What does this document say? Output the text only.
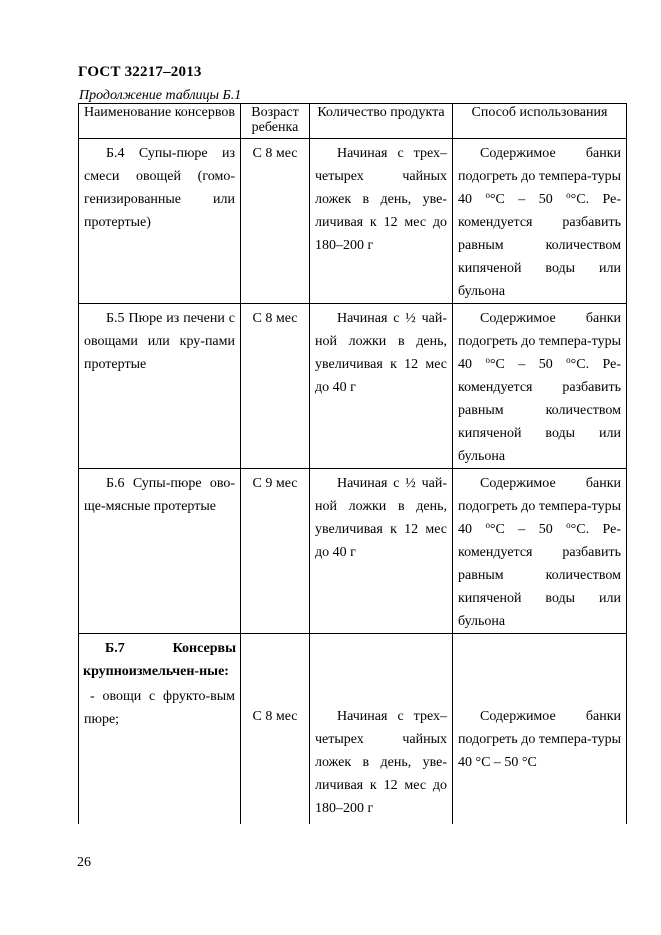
ГОСТ 32217–2013
Продолжение таблицы Б.1
Наименование консервов	Возраст ребенка	Количество продукта	Способ использования

Б.4 Супы-пюре из смеси овощей (гомо-генизированные или протертые)	С 8 мес	Начиная с трех–четырех чайных ложек в день, уве-личивая к 12 мес до 180–200 г	Содержимое банки подогреть до темпера-туры 40 $^o$°С – 50 $^o$°С. Ре-комендуется разбавить равным количеством кипяченой воды или бульона

Б.5 Пюре из печени с овощами или кру-пами протертые	С 8 мес	Начиная с ½ чай-ной ложки в день, увеличивая к 12 мес до 40 г	Содержимое банки подогреть до темпера-туры 40 $^o$°С – 50 $^o$°С. Ре-комендуется разбавить равным количеством кипяченой воды или бульона

Б.6 Супы-пюре ово-ще-мясные протертые	С 9 мес	Начиная с ½ чай-ной ложки в день, увеличивая к 12 мес до 40 г	Содержимое банки подогреть до темпера-туры 40 $^o$°С – 50 $^o$°С. Ре-комендуется разбавить равным количеством кипяченой воды или бульона

Б.7 Консервы крупноизмельчен-ные:
- овощи с фрукто-вым пюре;	С 8 мес	Начиная с трех–четырех чайных ложек в день, уве-личивая к 12 мес до 180–200 г	Содержимое банки подогреть до темпера-туры 40 °С – 50 °С
26
